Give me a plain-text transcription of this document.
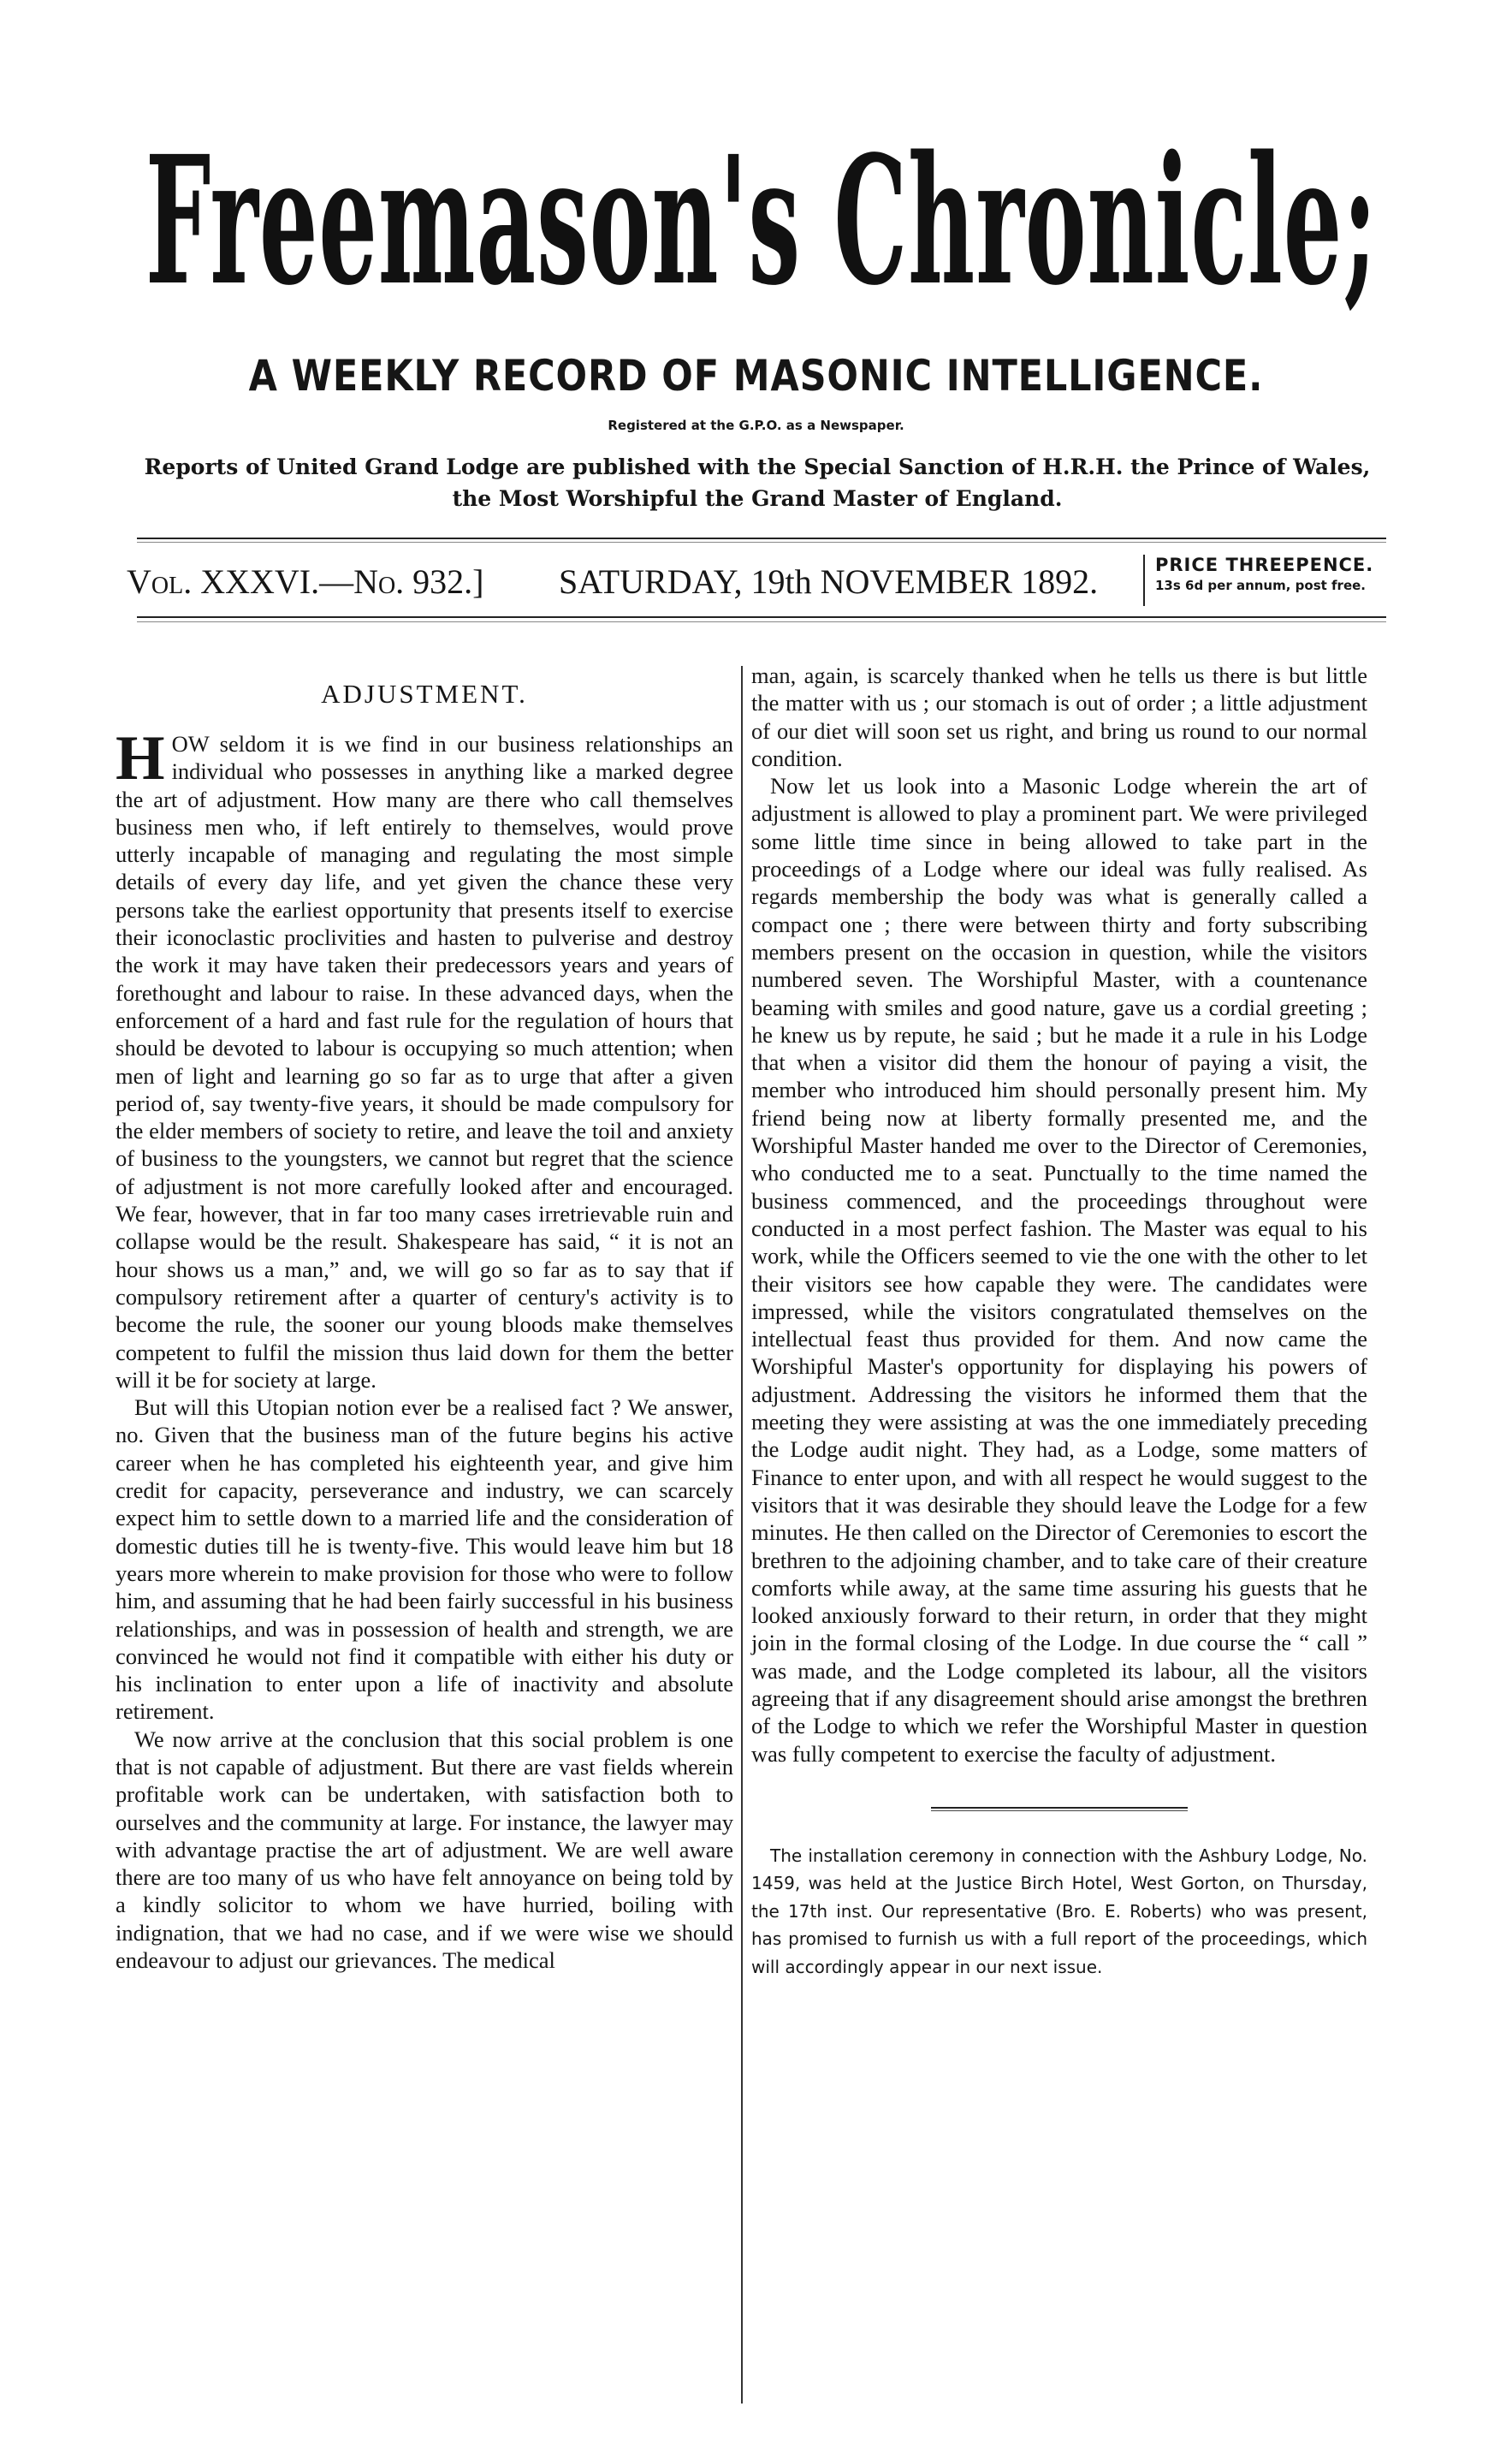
Freemason's Chronicle;
A WEEKLY RECORD OF MASONIC INTELLIGENCE.
Registered at the G.P.O. as a Newspaper.
Reports of United Grand Lodge are published with the Special Sanction of H.R.H. the Prince of Wales,
the Most Worshipful the Grand Master of England.
Vol. XXXVI.—No. 932.] SATURDAY, 19th NOVEMBER 1892.	PRICE THREEPENCE.
13s 6d per annum, post free.
ADJUSTMENT.

HOW seldom it is we find in our business relationships an individual who possesses in anything like a marked degree the art of adjustment. How many are there who call themselves business men who, if left entirely to themselves, would prove utterly incapable of managing and regulating the most simple details of every day life, and yet given the chance these very persons take the earliest opportunity that presents itself to exercise their iconoclastic proclivities and hasten to pulverise and destroy the work it may have taken their predecessors years and years of forethought and labour to raise. In these advanced days, when the enforcement of a hard and fast rule for the regulation of hours that should be devoted to labour is occupying so much attention; when men of light and learning go so far as to urge that after a given period of, say twenty-five years, it should be made compulsory for the elder members of society to retire, and leave the toil and anxiety of business to the youngsters, we cannot but regret that the science of adjustment is not more carefully looked after and encouraged. We fear, however, that in far too many cases irretrievable ruin and collapse would be the result. Shakespeare has said, “ it is not an hour shows us a man,” and, we will go so far as to say that if compulsory retirement after a quarter of century's activity is to become the rule, the sooner our young bloods make themselves competent to fulfil the mission thus laid down for them the better will it be for society at large.

But will this Utopian notion ever be a realised fact ? We answer, no. Given that the business man of the future begins his active career when he has completed his eighteenth year, and give him credit for capacity, perseverance and industry, we can scarcely expect him to settle down to a married life and the consideration of domestic duties till he is twenty-five. This would leave him but 18 years more wherein to make provision for those who were to follow him, and assuming that he had been fairly successful in his business relationships, and was in possession of health and strength, we are convinced he would not find it compatible with either his duty or his inclination to enter upon a life of inactivity and absolute retirement.

We now arrive at the conclusion that this social problem is one that is not capable of adjustment. But there are vast fields wherein profitable work can be undertaken, with satisfaction both to ourselves and the community at large. For instance, the lawyer may with advantage practise the art of adjustment. We are well aware there are too many of us who have felt annoyance on being told by a kindly solicitor to whom we have hurried, boiling with indignation, that we had no case, and if we were wise we should endeavour to adjust our grievances. The medical

man, again, is scarcely thanked when he tells us there is but little the matter with us ; our stomach is out of order ; a little adjustment of our diet will soon set us right, and bring us round to our normal condition.

Now let us look into a Masonic Lodge wherein the art of adjustment is allowed to play a prominent part. We were privileged some little time since in being allowed to take part in the proceedings of a Lodge where our ideal was fully realised. As regards membership the body was what is generally called a compact one ; there were between thirty and forty subscribing members present on the occasion in question, while the visitors numbered seven. The Worshipful Master, with a countenance beaming with smiles and good nature, gave us a cordial greeting ; he knew us by repute, he said ; but he made it a rule in his Lodge that when a visitor did them the honour of paying a visit, the member who introduced him should personally present him. My friend being now at liberty formally presented me, and the Worshipful Master handed me over to the Director of Ceremonies, who conducted me to a seat. Punctually to the time named the business commenced, and the proceedings throughout were conducted in a most perfect fashion. The Master was equal to his work, while the Officers seemed to vie the one with the other to let their visitors see how capable they were. The candidates were impressed, while the visitors congratulated themselves on the intellectual feast thus provided for them. And now came the Worshipful Master's opportunity for displaying his powers of adjustment. Addressing the visitors he informed them that the meeting they were assisting at was the one immediately preceding the Lodge audit night. They had, as a Lodge, some matters of Finance to enter upon, and with all respect he would suggest to the visitors that it was desirable they should leave the Lodge for a few minutes. He then called on the Director of Ceremonies to escort the brethren to the adjoining chamber, and to take care of their creature comforts while away, at the same time assuring his guests that he looked anxiously forward to their return, in order that they might join in the formal closing of the Lodge. In due course the “ call ” was made, and the Lodge completed its labour, all the visitors agreeing that if any disagreement should arise amongst the brethren of the Lodge to which we refer the Worshipful Master in question was fully competent to exercise the faculty of adjustment.

The installation ceremony in connection with the Ashbury Lodge, No. 1459, was held at the Justice Birch Hotel, West Gorton, on Thursday, the 17th inst. Our representative (Bro. E. Roberts) who was present, has promised to furnish us with a full report of the proceedings, which will accordingly appear in our next issue.
